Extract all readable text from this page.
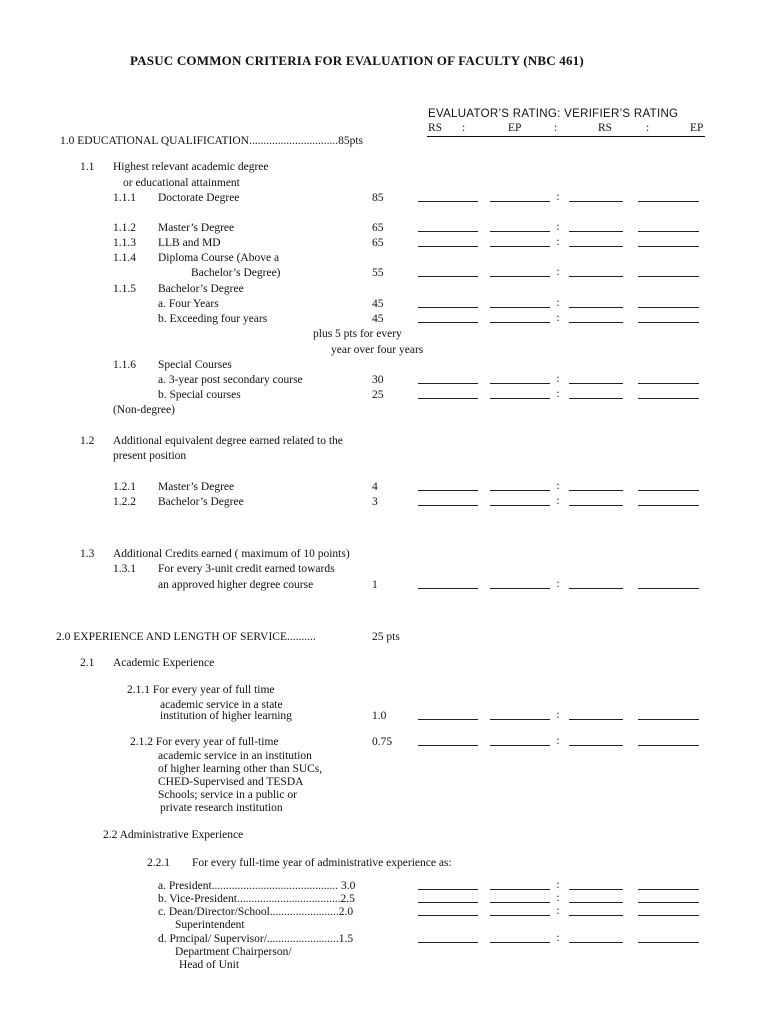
PASUC COMMON CRITERIA FOR EVALUATION OF FACULTY (NBC 461)
EVALUATOR’S RATING: VERIFIER’S RATING
RS :	EP	:	RS	:	EP
1.0 EDUCATIONAL QUALIFICATION...............................85pts
1.1 Highest relevant academic degree
or educational attainment
1.1.1 Doctorate Degree	85
1.1.2 Master’s Degree	65
1.1.3 LLB and MD	65
1.1.4 Diploma Course (Above a
Bachelor’s Degree)	55
1.1.5 Bachelor’s Degree
a. Four Years	45
b. Exceeding four years	45
plus 5 pts for every
year over four years
1.1.6 Special Courses
a. 3-year post secondary course	30
b. Special courses	25
(Non-degree)
1.2 Additional equivalent degree earned related to the
present position
1.2.1 Master’s Degree	4
1.2.2 Bachelor’s Degree	3
1.3 Additional Credits earned ( maximum of 10 points)
1.3.1 For every 3-unit credit earned towards
an approved higher degree course	1
2.0 EXPERIENCE AND LENGTH OF SERVICE..........	25 pts
2.1 Academic Experience
2.1.1 For every year of full time
academic service in a state
institution of higher learning	1.0
2.1.2 For every year of full-time	0.75
academic service in an institution
of higher learning other than SUCs,
CHED-Supervised and TESDA
Schools; service in a public or
private research institution
2.2 Administrative Experience
2.2.1 For every full-time year of administrative experience as:
a. President............................................ 3.0
b. Vice-President....................................2.5
c. Dean/Director/School........................2.0
Superintendent
d. Prncipal/ Supervisor/.........................1.5
Department Chairperson/
Head of Unit
:
:
:
:
:
:
:
:
:
:
:
:
:
:
:
:
:
